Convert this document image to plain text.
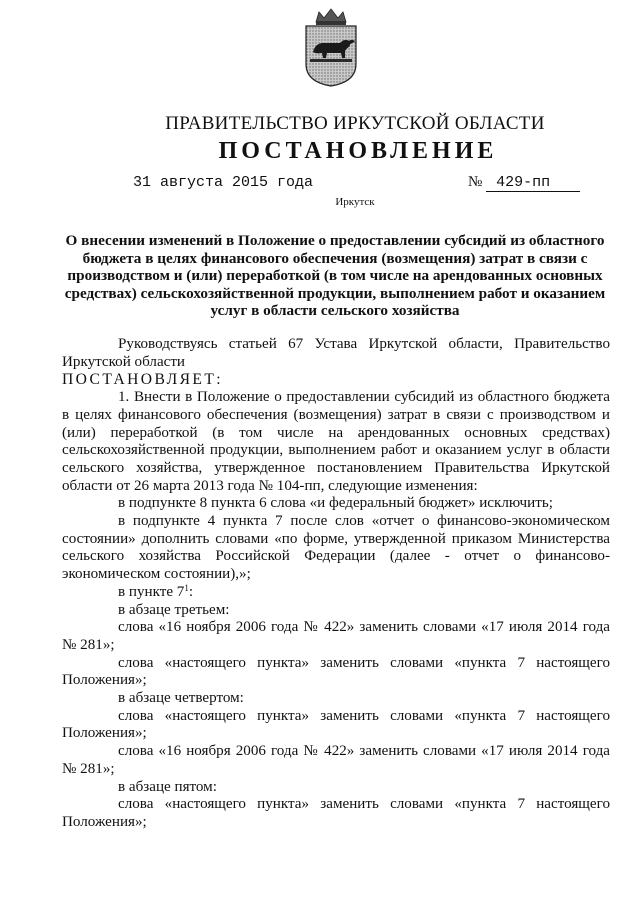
ПРАВИТЕЛЬСТВО ИРКУТСКОЙ ОБЛАСТИ
ПОСТАНОВЛЕНИЕ
31 августа 2015 года	№ 429-пп
Иркутск
О внесении изменений в Положение о предоставлении субсидий из областного бюджета в целях финансового обеспечения (возмещения) затрат в связи с производством и (или) переработкой (в том числе на арендованных основных средствах) сельскохозяйственной продукции, выполнением работ и оказанием услуг в области сельского хозяйства

Руководствуясь статьей 67 Устава Иркутской области, Правительство Иркутской области

ПОСТАНОВЛЯЕТ:

1. Внести в Положение о предоставлении субсидий из областного бюджета в целях финансового обеспечения (возмещения) затрат в связи с производством и (или) переработкой (в том числе на арендованных основных средствах) сельскохозяйственной продукции, выполнением работ и оказанием услуг в области сельского хозяйства, утвержденное постановлением Правительства Иркутской области от 26 марта 2013 года № 104-пп, следующие изменения:

в подпункте 8 пункта 6 слова «и федеральный бюджет» исключить;

в подпункте 4 пункта 7 после слов «отчет о финансово-экономическом состоянии» дополнить словами «по форме, утвержденной приказом Министерства сельского хозяйства Российской Федерации (далее - отчет о финансово-экономическом состоянии),»;

в пункте $7^1$:

в абзаце третьем:

слова «16 ноября 2006 года № 422» заменить словами «17 июля 2014 года № 281»;

слова «настоящего пункта» заменить словами «пункта 7 настоящего Положения»;

в абзаце четвертом:

слова «настоящего пункта» заменить словами «пункта 7 настоящего Положения»;

слова «16 ноября 2006 года № 422» заменить словами «17 июля 2014 года № 281»;

в абзаце пятом:

слова «настоящего пункта» заменить словами «пункта 7 настоящего Положения»;
